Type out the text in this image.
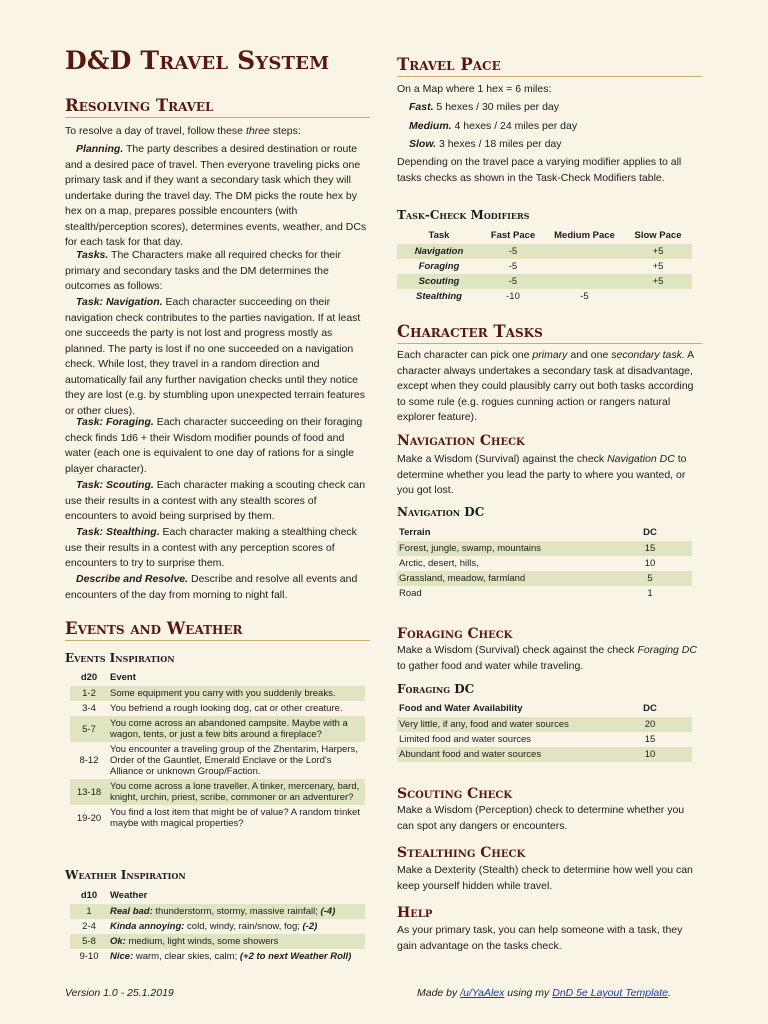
D&D Travel System
Resolving Travel

To resolve a day of travel, follow these three steps:

Planning. The party describes a desired destination or route and a desired pace of travel. Then everyone traveling picks one primary task and if they want a secondary task which they will undertake during the travel day. The DM picks the route hex by hex on a map, prepares possible encounters (with stealth/perception scores), determines events, weather, and DCs for each task for that day.

Tasks. The Characters make all required checks for their primary and secondary tasks and the DM determines the outcomes as follows:

Task: Navigation. Each character succeeding on their navigation check contributes to the parties navigation. If at least one succeeds the party is not lost and progress mostly as planned. The party is lost if no one succeeded on a navigation check. While lost, they travel in a random direction and automatically fail any further navigation checks until they notice they are lost (e.g. by stumbling upon unexpected terrain features or other clues).

Task: Foraging. Each character succeeding on their foraging check finds 1d6 + their Wisdom modifier pounds of food and water (each one is equivalent to one day of rations for a single player character).

Task: Scouting. Each character making a scouting check can use their results in a contest with any stealth scores of encounters to avoid being surprised by them.

Task: Stealthing. Each character making a stealthing check use their results in a contest with any perception scores of encounters to try to surprise them.

Describe and Resolve. Describe and resolve all events and encounters of the day from morning to night fall.

Events and Weather
Events Inspiration
d20	Event
1-2	Some equipment you carry with you suddenly breaks.
3-4	You befriend a rough looking dog, cat or other creature.
5-7	You come across an abandoned campsite. Maybe with a wagon, tents, or just a few bits around a fireplace?
8-12	You encounter a traveling group of the Zhentarim, Harpers, Order of the Gauntlet, Emerald Enclave or the Lord's Alliance or unknown Group/Faction.
13-18	You come across a lone traveller. A tinker, mercenary, bard, knight, urchin, priest, scribe, commoner or an adventurer?
19-20	You find a lost item that might be of value? A random trinket maybe with magical properties?
Weather Inspiration
d10	Weather
1	Real bad: thunderstorm, stormy, massive rainfall; (-4)
2-4	Kinda annoying: cold, windy, rain/snow, fog; (-2)
5-8	Ok: medium, light winds, some showers
9-10	Nice: warm, clear skies, calm; (+2 to next Weather Roll)
Travel Pace

On a Map where 1 hex = 6 miles:

Fast. 5 hexes / 30 miles per day

Medium. 4 hexes / 24 miles per day

Slow. 3 hexes / 18 miles per day

Depending on the travel pace a varying modifier applies to all tasks checks as shown in the Task-Check Modifiers table.

Task-Check Modifiers
Task	Fast Pace	Medium Pace	Slow Pace
Navigation	-5		+5
Foraging	-5		+5
Scouting	-5		+5
Stealthing	-10	-5	
Character Tasks

Each character can pick one primary and one secondary task. A character always undertakes a secondary task at disadvantage, except when they could plausibly carry out both tasks according to some rule (e.g. rogues cunning action or rangers natural explorer feature).

Navigation Check

Make a Wisdom (Survival) against the check Navigation DC to determine whether you lead the party to where you wanted, or you got lost.

Navigation DC
Terrain	DC
Forest, jungle, swamp, mountains	15
Arctic, desert, hills,	10
Grassland, meadow, farmland	5
Road	1
Foraging Check

Make a Wisdom (Survival) check against the check Foraging DC to gather food and water while traveling.

Foraging DC
Food and Water Availability	DC
Very little, if any, food and water sources	20
Limited food and water sources	15
Abundant food and water sources	10
Scouting Check

Make a Wisdom (Perception) check to determine whether you can spot any dangers or encounters.

Stealthing Check

Make a Dexterity (Stealth) check to determine how well you can keep yourself hidden while travel.

Help

As your primary task, you can help someone with a task, they gain advantage on the tasks check.

Version 1.0 - 25.1.2019	Made by /u/YaAlex using my DnD 5e Layout Template.
